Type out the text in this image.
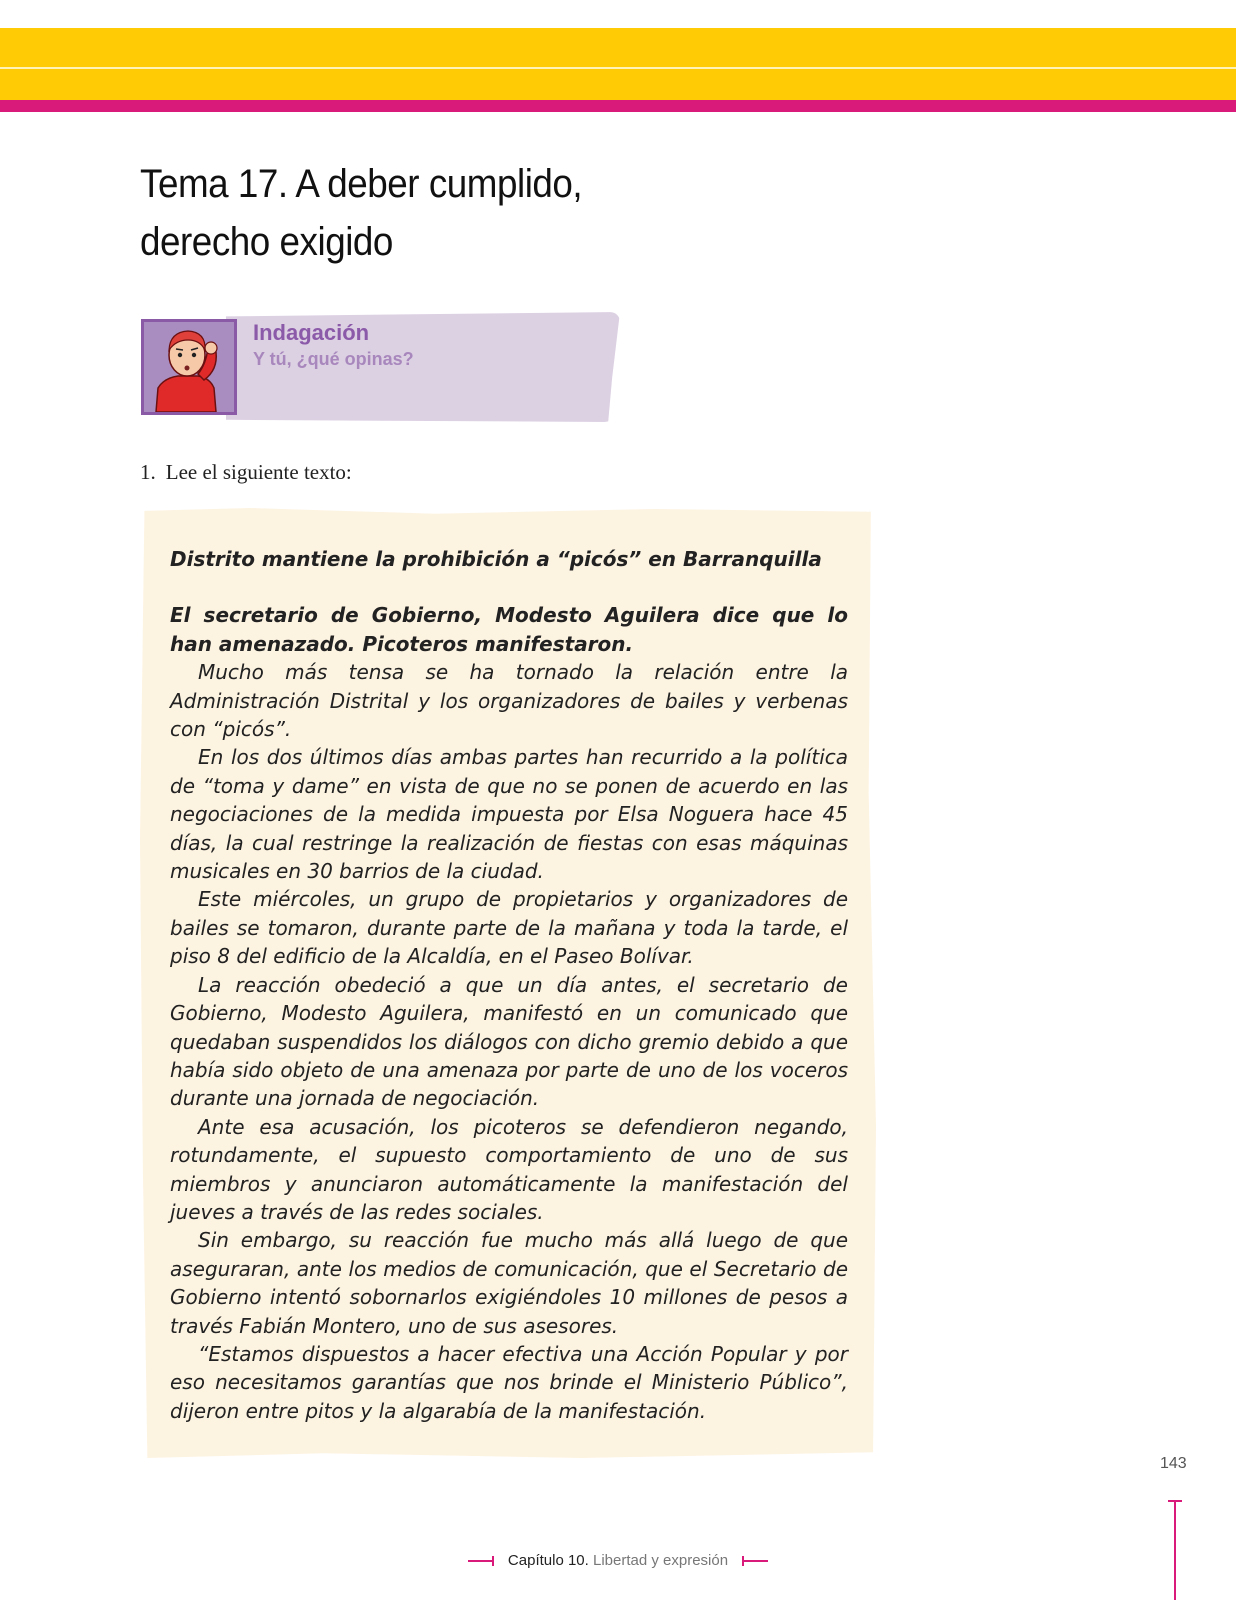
Tema 17. A deber cumplido,
derecho exigido
Indagación
Y tú, ¿qué opinas?
1. Lee el siguiente texto:
Distrito mantiene la prohibición a “picós” en Barranquilla
El secretario de Gobierno, Modesto Aguilera dice que lo han amenazado. Picoteros manifestaron.
Mucho más tensa se ha tornado la relación entre la Administración Distrital y los organizadores de bailes y verbenas con “picós”.
En los dos últimos días ambas partes han recurrido a la política de “toma y dame” en vista de que no se ponen de acuerdo en las negociaciones de la medida impuesta por Elsa Noguera hace 45 días, la cual restringe la realización de fiestas con esas máquinas musicales en 30 barrios de la ciudad.
Este miércoles, un grupo de propietarios y organizadores de bailes se tomaron, durante parte de la mañana y toda la tarde, el piso 8 del edificio de la Alcaldía, en el Paseo Bolívar.
La reacción obedeció a que un día antes, el secretario de Gobierno, Modesto Aguilera, manifestó en un comunicado que quedaban suspendidos los diálogos con dicho gremio debido a que había sido objeto de una amenaza por parte de uno de los voceros durante una jornada de negociación.
Ante esa acusación, los picoteros se defendieron negando, rotundamente, el supuesto comportamiento de uno de sus miembros y anunciaron automáticamente la manifestación del jueves a través de las redes sociales.
Sin embargo, su reacción fue mucho más allá luego de que aseguraran, ante los medios de comunicación, que el Secretario de Gobierno intentó sobornarlos exigiéndoles 10 millones de pesos a través Fabián Montero, uno de sus asesores.
“Estamos dispuestos a hacer efectiva una Acción Popular y por eso necesitamos garantías que nos brinde el Ministerio Público”, dijeron entre pitos y la algarabía de la manifestación.
143
Capítulo 10. Libertad y expresión
